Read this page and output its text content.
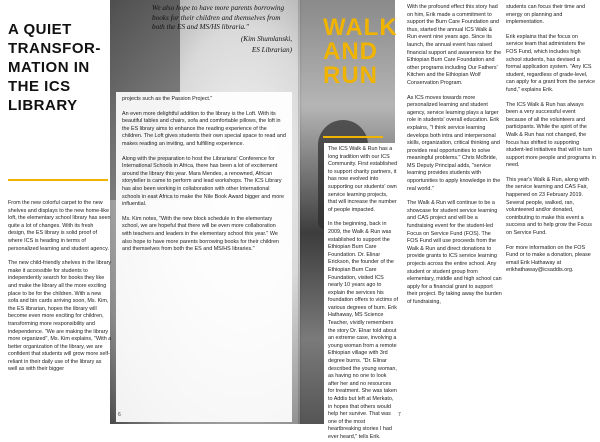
A QUIET
TRANSFOR-
MATION IN
THE ICS
LIBRARY
We also hope to have more parents borrowing books for their children and themselves from both the ES and MS/HS libraria."
(Kim Shumlanski,
ES Librarian)

From the new colorful carpet to the new shelves and displays to the new home-like loft, the elementary school library has seen quite a lot of changes. With its fresh design, the ES library is solid proof of where ICS is heading in terms of personalized learning and student agency.

The new child-friendly shelves in the library make it accessible for students to independently search for books they like and make the library all the more exciting place to be for the children. With a new sofa and bin cards arriving soon, Ms. Kim, the ES librarian, hopes the library will become even more exciting for children, transforming more responsibility and independence. "We are making the library more organized", Ms. Kim explains, "With a better organization of the library, we are confident that students will grow more self-reliant in their daily use of the library as well as with their bigger

projects such as the Passion Project."

An even more delightful addition to the library is the Loft. With its beautiful tables and chairs, sofa and comfortable pillows, the loft in the ES library aims to enhance the reading experience of the children. The Loft gives students their own special space to read and makes reading an inviting, and fulfilling experience.

Along with the preparation to host the Librarians' Conference for International Schools in Africa, there has been a lot of excitement around the library this year. Mara Mendes, a renowned, African storyteller is came to perform and lead workshops. The ICS Library has also been working in collaboration with other International schools in east Africa to make the Nile Book Award bigger and more influential.

Ms. Kim notes, "With the new block schedule in the elementary school, we are hopeful that there will be even more collaboration with teachers and leaders in the elementary school this year." We also hope to have more parents borrowing books for their children and themselves from both the ES and MS/HS libraries."

6
WALK
AND
RUN

The ICS Walk & Run has a long tradition with our ICS Community. First established to support charity partners, it has now evolved into supporting our students' own service learning projects, that will increase the number of people impacted.

In the beginning, back in 2009, the Walk & Run was established to support the Ethiopian Burn Care Foundation. Dr. Elinar Erickson, the founder of the Ethiopian Burn Care Foundation, visited ICS nearly 10 years ago to explain the services his foundation offers to victims of various degrees of burn. Erik Hathaway, MS Science Teacher, vividly remembers the story Dr. Elnar told about an extreme case, involving a young woman from a remote Ethiopian village with 3rd degree burns. "Dr. Elinar described the young woman, as having no one to look after her and no resources for treatment. She was taken to Addis but left at Merkato, in hopes that others would help her survive. That was one of the most heartbreaking stories I had ever heard," tells Erik.

With the profound effect this story had on him, Erik made a commitment to support the Burn Care Foundation and thus, started the annual ICS Walk & Run event nine years ago. Since its launch, the annual event has raised financial support and awareness for the Ethiopian Burn Care Foundation and other programs including Our Fathers' Kitchen and the Ethiopian Wolf Conservation Program.

As ICS moves towards more personalized learning and student agency, service learning plays a larger role in students' overall education. Erik explains, "I think service learning develops both intra and interpersonal skills, organization, critical thinking and provides real opportunities to solve meaningful problems." Chris McBride, MS Deputy Principal adds, "service learning provides students with opportunities to apply knowledge in the real world."

The Walk & Run will continue to be a showcase for student service learning and CAS project and will be a fundraising event for the student-led Focus on Service Fund (FOS). The FOS Fund will use proceeds from the Walk & Run and direct donations to provide grants to ICS service learning projects across the entire school. Any student or student group from elementary, middle and high school can apply for a financial grant to support their project. By taking away the burden of fundraising,

students can focus their time and energy on planning and implementation.

Erik explains that the focus on service team that administers the FOS Fund, which includes high school students, has devised a formal application system. "Any ICS student, regardless of grade-level, can apply for a grant from the service fund," explains Erik.

The ICS Walk & Run has always been a very successful event because of all the volunteers and participants. While the spirit of the Walk & Run has not changed, the focus has shifted to supporting student-led initiatives that will in turn support more people and programs in need.

This year's Walk & Run, along with the service learning and CAS Fair, happened on 23 February 2019. Several people, walked, ran, volunteered and/or donated, contributing to make this event a success and to help grow the Focus on Service Fund.

For more information on the FOS Fund or to make a donation, please email Erik Hathaway at erikhathaway@icsaddis.org.

7
